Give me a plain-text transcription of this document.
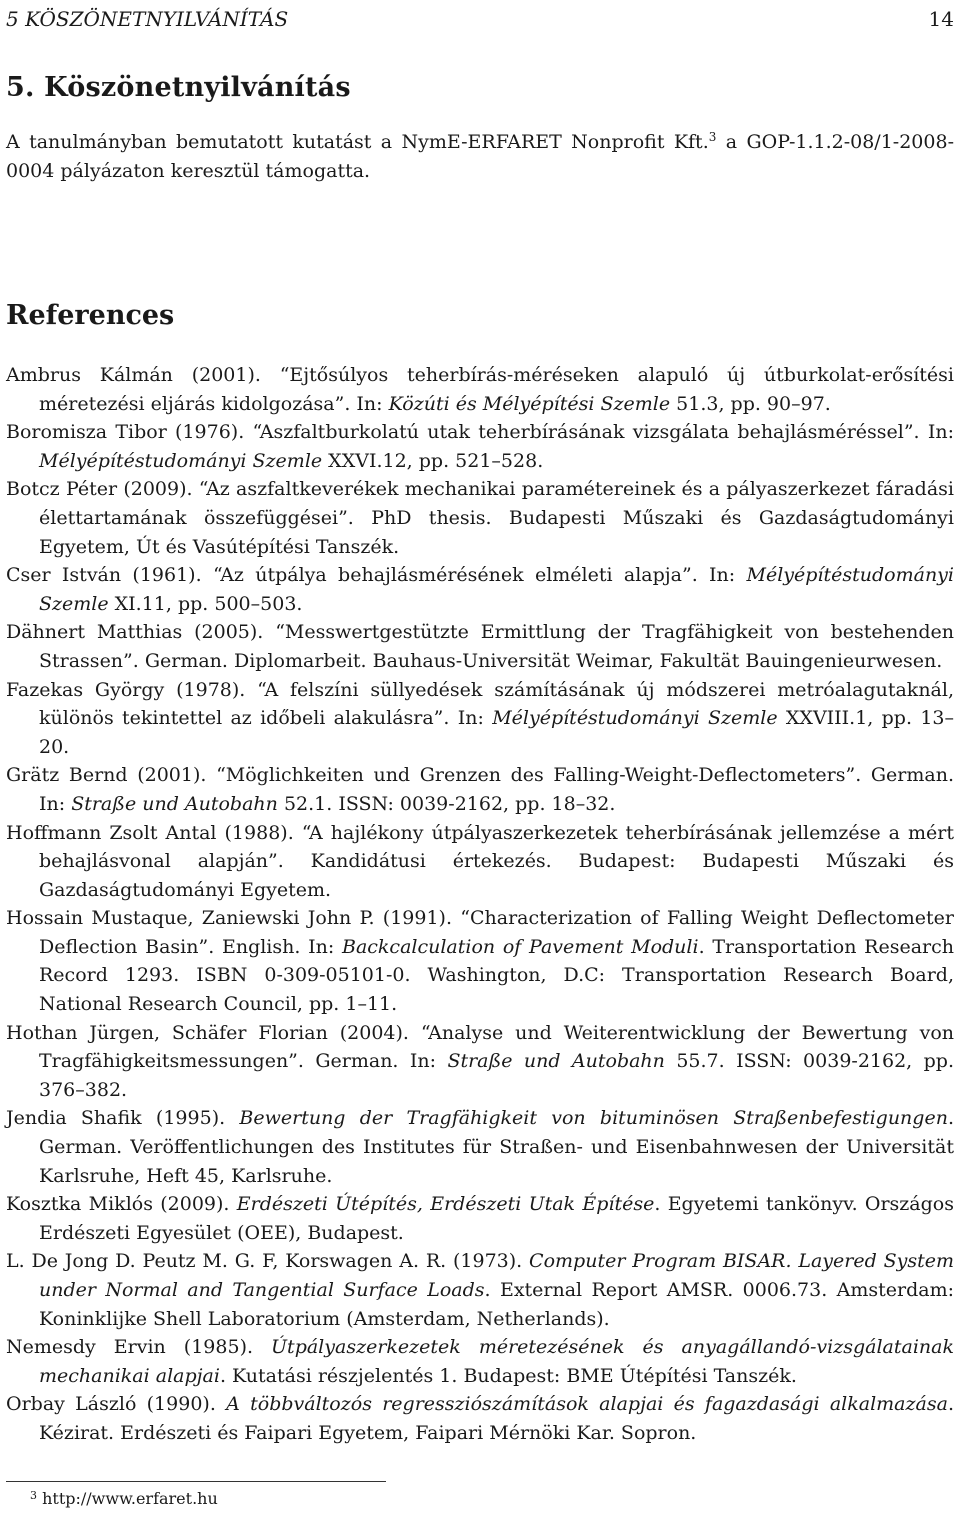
5 KÖSZÖNETNYILVÁNÍTÁS	14
5. Köszönetnyilvánítás

A tanulmányban bemutatott kutatást a NymE-ERFARET Nonprofit Kft.$^3$ a GOP-1.1.2-08/1-2008-0004 pályázaton keresztül támogatta.

References
Ambrus Kálmán (2001). “Ejtősúlyos teherbírás-méréseken alapuló új útburkolat-erősítési méretezési eljárás kidolgozása”. In: Közúti és Mélyépítési Szemle 51.3, pp. 90–97.
Boromisza Tibor (1976). “Aszfaltburkolatú utak teherbírásának vizsgálata behajlásméréssel”. In: Mélyépítéstudományi Szemle XXVI.12, pp. 521–528.
Botcz Péter (2009). “Az aszfaltkeverékek mechanikai paramétereinek és a pályaszerkezet fáradási élettartamának összefüggései”. PhD thesis. Budapesti Műszaki és Gazdaságtudományi Egyetem, Út és Vasútépítési Tanszék.
Cser István (1961). “Az útpálya behajlásmérésének elméleti alapja”. In: Mélyépítéstudományi Szemle XI.11, pp. 500–503.
Dähnert Matthias (2005). “Messwertgestützte Ermittlung der Tragfähigkeit von bestehenden Strassen”. German. Diplomarbeit. Bauhaus-Universität Weimar, Fakultät Bauingenieurwesen.
Fazekas György (1978). “A felszíni süllyedések számításának új módszerei metróalagutaknál, különös tekintettel az időbeli alakulásra”. In: Mélyépítéstudományi Szemle XXVIII.1, pp. 13–20.
Grätz Bernd (2001). “Möglichkeiten und Grenzen des Falling-Weight-Deflectometers”. German. In: Straße und Autobahn 52.1. ISSN: 0039-2162, pp. 18–32.
Hoffmann Zsolt Antal (1988). “A hajlékony útpályaszerkezetek teherbírásának jellemzése a mért behajlásvonal alapján”. Kandidátusi értekezés. Budapest: Budapesti Műszaki és Gazdaságtudományi Egyetem.
Hossain Mustaque, Zaniewski John P. (1991). “Characterization of Falling Weight Deflectometer Deflection Basin”. English. In: Backcalculation of Pavement Moduli. Transportation Research Record 1293. ISBN 0-309-05101-0. Washington, D.C: Transportation Research Board, National Research Council, pp. 1–11.
Hothan Jürgen, Schäfer Florian (2004). “Analyse und Weiterentwicklung der Bewertung von Tragfähigkeitsmessungen”. German. In: Straße und Autobahn 55.7. ISSN: 0039-2162, pp. 376–382.
Jendia Shafik (1995). Bewertung der Tragfähigkeit von bituminösen Straßenbefestigungen. German. Veröffentlichungen des Institutes für Straßen- und Eisenbahnwesen der Universität Karlsruhe, Heft 45, Karlsruhe.
Kosztka Miklós (2009). Erdészeti Útépítés, Erdészeti Utak Építése. Egyetemi tankönyv. Országos Erdészeti Egyesület (OEE), Budapest.
L. De Jong D. Peutz M. G. F, Korswagen A. R. (1973). Computer Program BISAR. Layered System under Normal and Tangential Surface Loads. External Report AMSR. 0006.73. Amsterdam: Koninklijke Shell Laboratorium (Amsterdam, Netherlands).
Nemesdy Ervin (1985). Útpályaszerkezetek méretezésének és anyagállandó-vizsgálatainak mechanikai alapjai. Kutatási részjelentés 1. Budapest: BME Útépítési Tanszék.
Orbay László (1990). A többváltozós regressziószámítások alapjai és fagazdasági alkalmazása. Kézirat. Erdészeti és Faipari Egyetem, Faipari Mérnöki Kar. Sopron.
$^3$ http://www.erfaret.hu
